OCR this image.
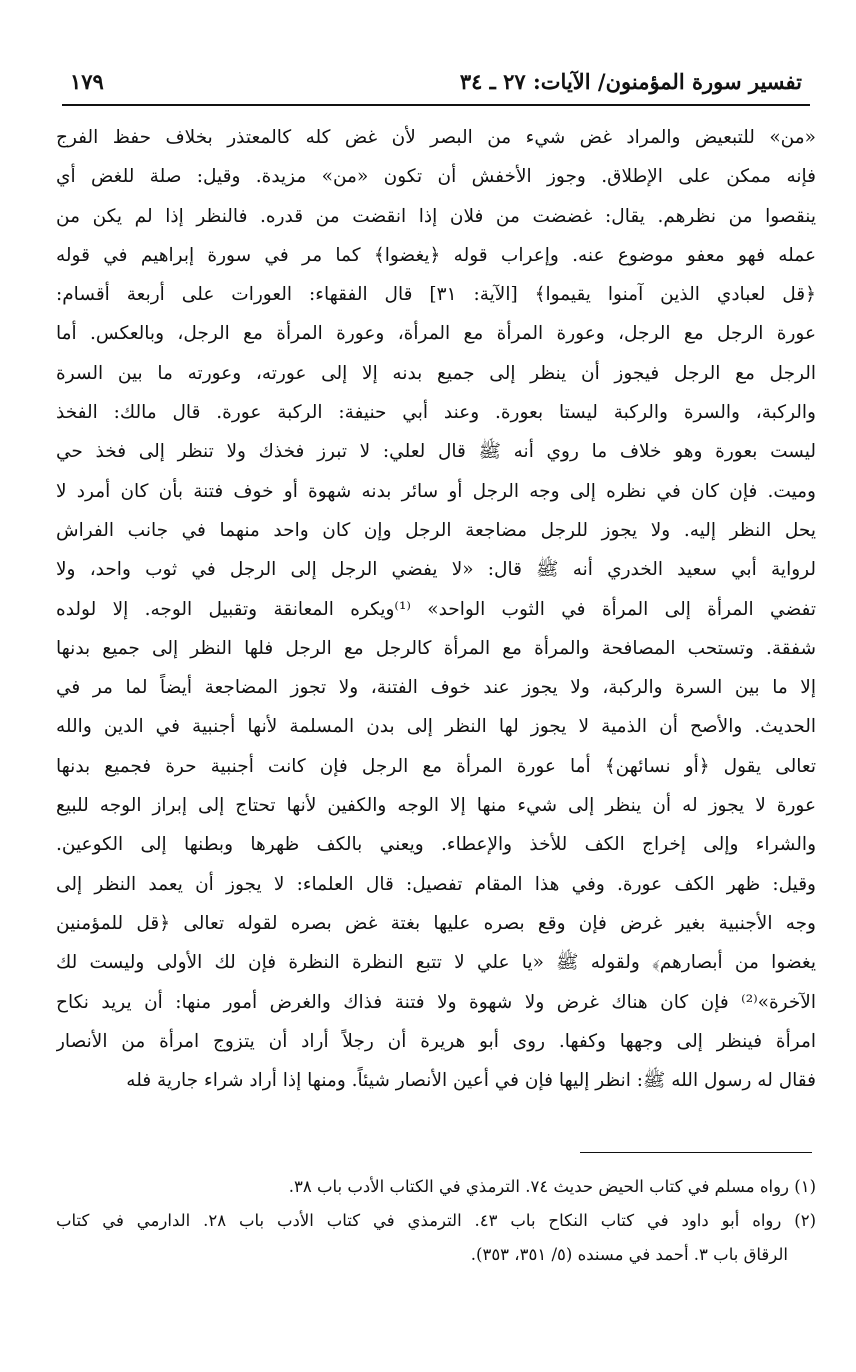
تفسير سورة المؤمنون/ الآيات: ٢٧ ـ ٣٤
١٧٩
«من» للتبعيض والمراد غض شيء من البصر لأن غض كله كالمعتذر بخلاف حفظ الفرج
فإنه ممكن على الإطلاق. وجوز الأخفش أن تكون «من» مزيدة. وقيل: صلة للغض أي
ينقصوا من نظرهم. يقال: غضضت من فلان إذا انقضت من قدره. فالنظر إذا لم يكن من
عمله فهو معفو موضوع عنه. وإعراب قوله ﴿يغضوا﴾ كما مر في سورة إبراهيم في قوله
﴿قل لعبادي الذين آمنوا يقيموا﴾ [الآية: ٣١] قال الفقهاء: العورات على أربعة أقسام:
عورة الرجل مع الرجل، وعورة المرأة مع المرأة، وعورة المرأة مع الرجل، وبالعكس. أما
الرجل مع الرجل فيجوز أن ينظر إلى جميع بدنه إلا إلى عورته، وعورته ما بين السرة
والركبة، والسرة والركبة ليستا بعورة. وعند أبي حنيفة: الركبة عورة. قال مالك: الفخذ
ليست بعورة وهو خلاف ما روي أنه ﷺ قال لعلي: لا تبرز فخذك ولا تنظر إلى فخذ حي
وميت. فإن كان في نظره إلى وجه الرجل أو سائر بدنه شهوة أو خوف فتنة بأن كان أمرد لا
يحل النظر إليه. ولا يجوز للرجل مضاجعة الرجل وإن كان واحد منهما في جانب الفراش
لرواية أبي سعيد الخدري أنه ﷺ قال: «لا يفضي الرجل إلى الرجل في ثوب واحد، ولا
تفضي المرأة إلى المرأة في الثوب الواحد» ⁽¹⁾ويكره المعانقة وتقبيل الوجه. إلا لولده
شفقة. وتستحب المصافحة والمرأة مع المرأة كالرجل مع الرجل فلها النظر إلى جميع بدنها
إلا ما بين السرة والركبة، ولا يجوز عند خوف الفتنة، ولا تجوز المضاجعة أيضاً لما مر في
الحديث. والأصح أن الذمية لا يجوز لها النظر إلى بدن المسلمة لأنها أجنبية في الدين والله
تعالى يقول ﴿أو نسائهن﴾ أما عورة المرأة مع الرجل فإن كانت أجنبية حرة فجميع بدنها
عورة لا يجوز له أن ينظر إلى شيء منها إلا الوجه والكفين لأنها تحتاج إلى إبراز الوجه للبيع
والشراء وإلى إخراج الكف للأخذ والإعطاء. ويعني بالكف ظهرها وبطنها إلى الكوعين.
وقيل: ظهر الكف عورة. وفي هذا المقام تفصيل: قال العلماء: لا يجوز أن يعمد النظر إلى
وجه الأجنبية بغير غرض فإن وقع بصره عليها بغتة غض بصره لقوله تعالى ﴿قل للمؤمنين
يغضوا من أبصارهم﴾ ولقوله ﷺ «يا علي لا تتبع النظرة النظرة فإن لك الأولى وليست لك
الآخرة»⁽²⁾ فإن كان هناك غرض ولا شهوة ولا فتنة فذاك والغرض أمور منها: أن يريد نكاح
امرأة فينظر إلى وجهها وكفها. روى أبو هريرة أن رجلاً أراد أن يتزوج امرأة من الأنصار
فقال له رسول الله ﷺ: انظر إليها فإن في أعين الأنصار شيئاً. ومنها إذا أراد شراء جارية فله
(١) رواه مسلم في كتاب الحيض حديث ٧٤. الترمذي في الكتاب الأدب باب ٣٨.
(٢) رواه أبو داود في كتاب النكاح باب ٤٣. الترمذي في كتاب الأدب باب ٢٨. الدارمي في كتاب
الرقاق باب ٣. أحمد في مسنده (٥/ ٣٥١، ٣٥٣).
